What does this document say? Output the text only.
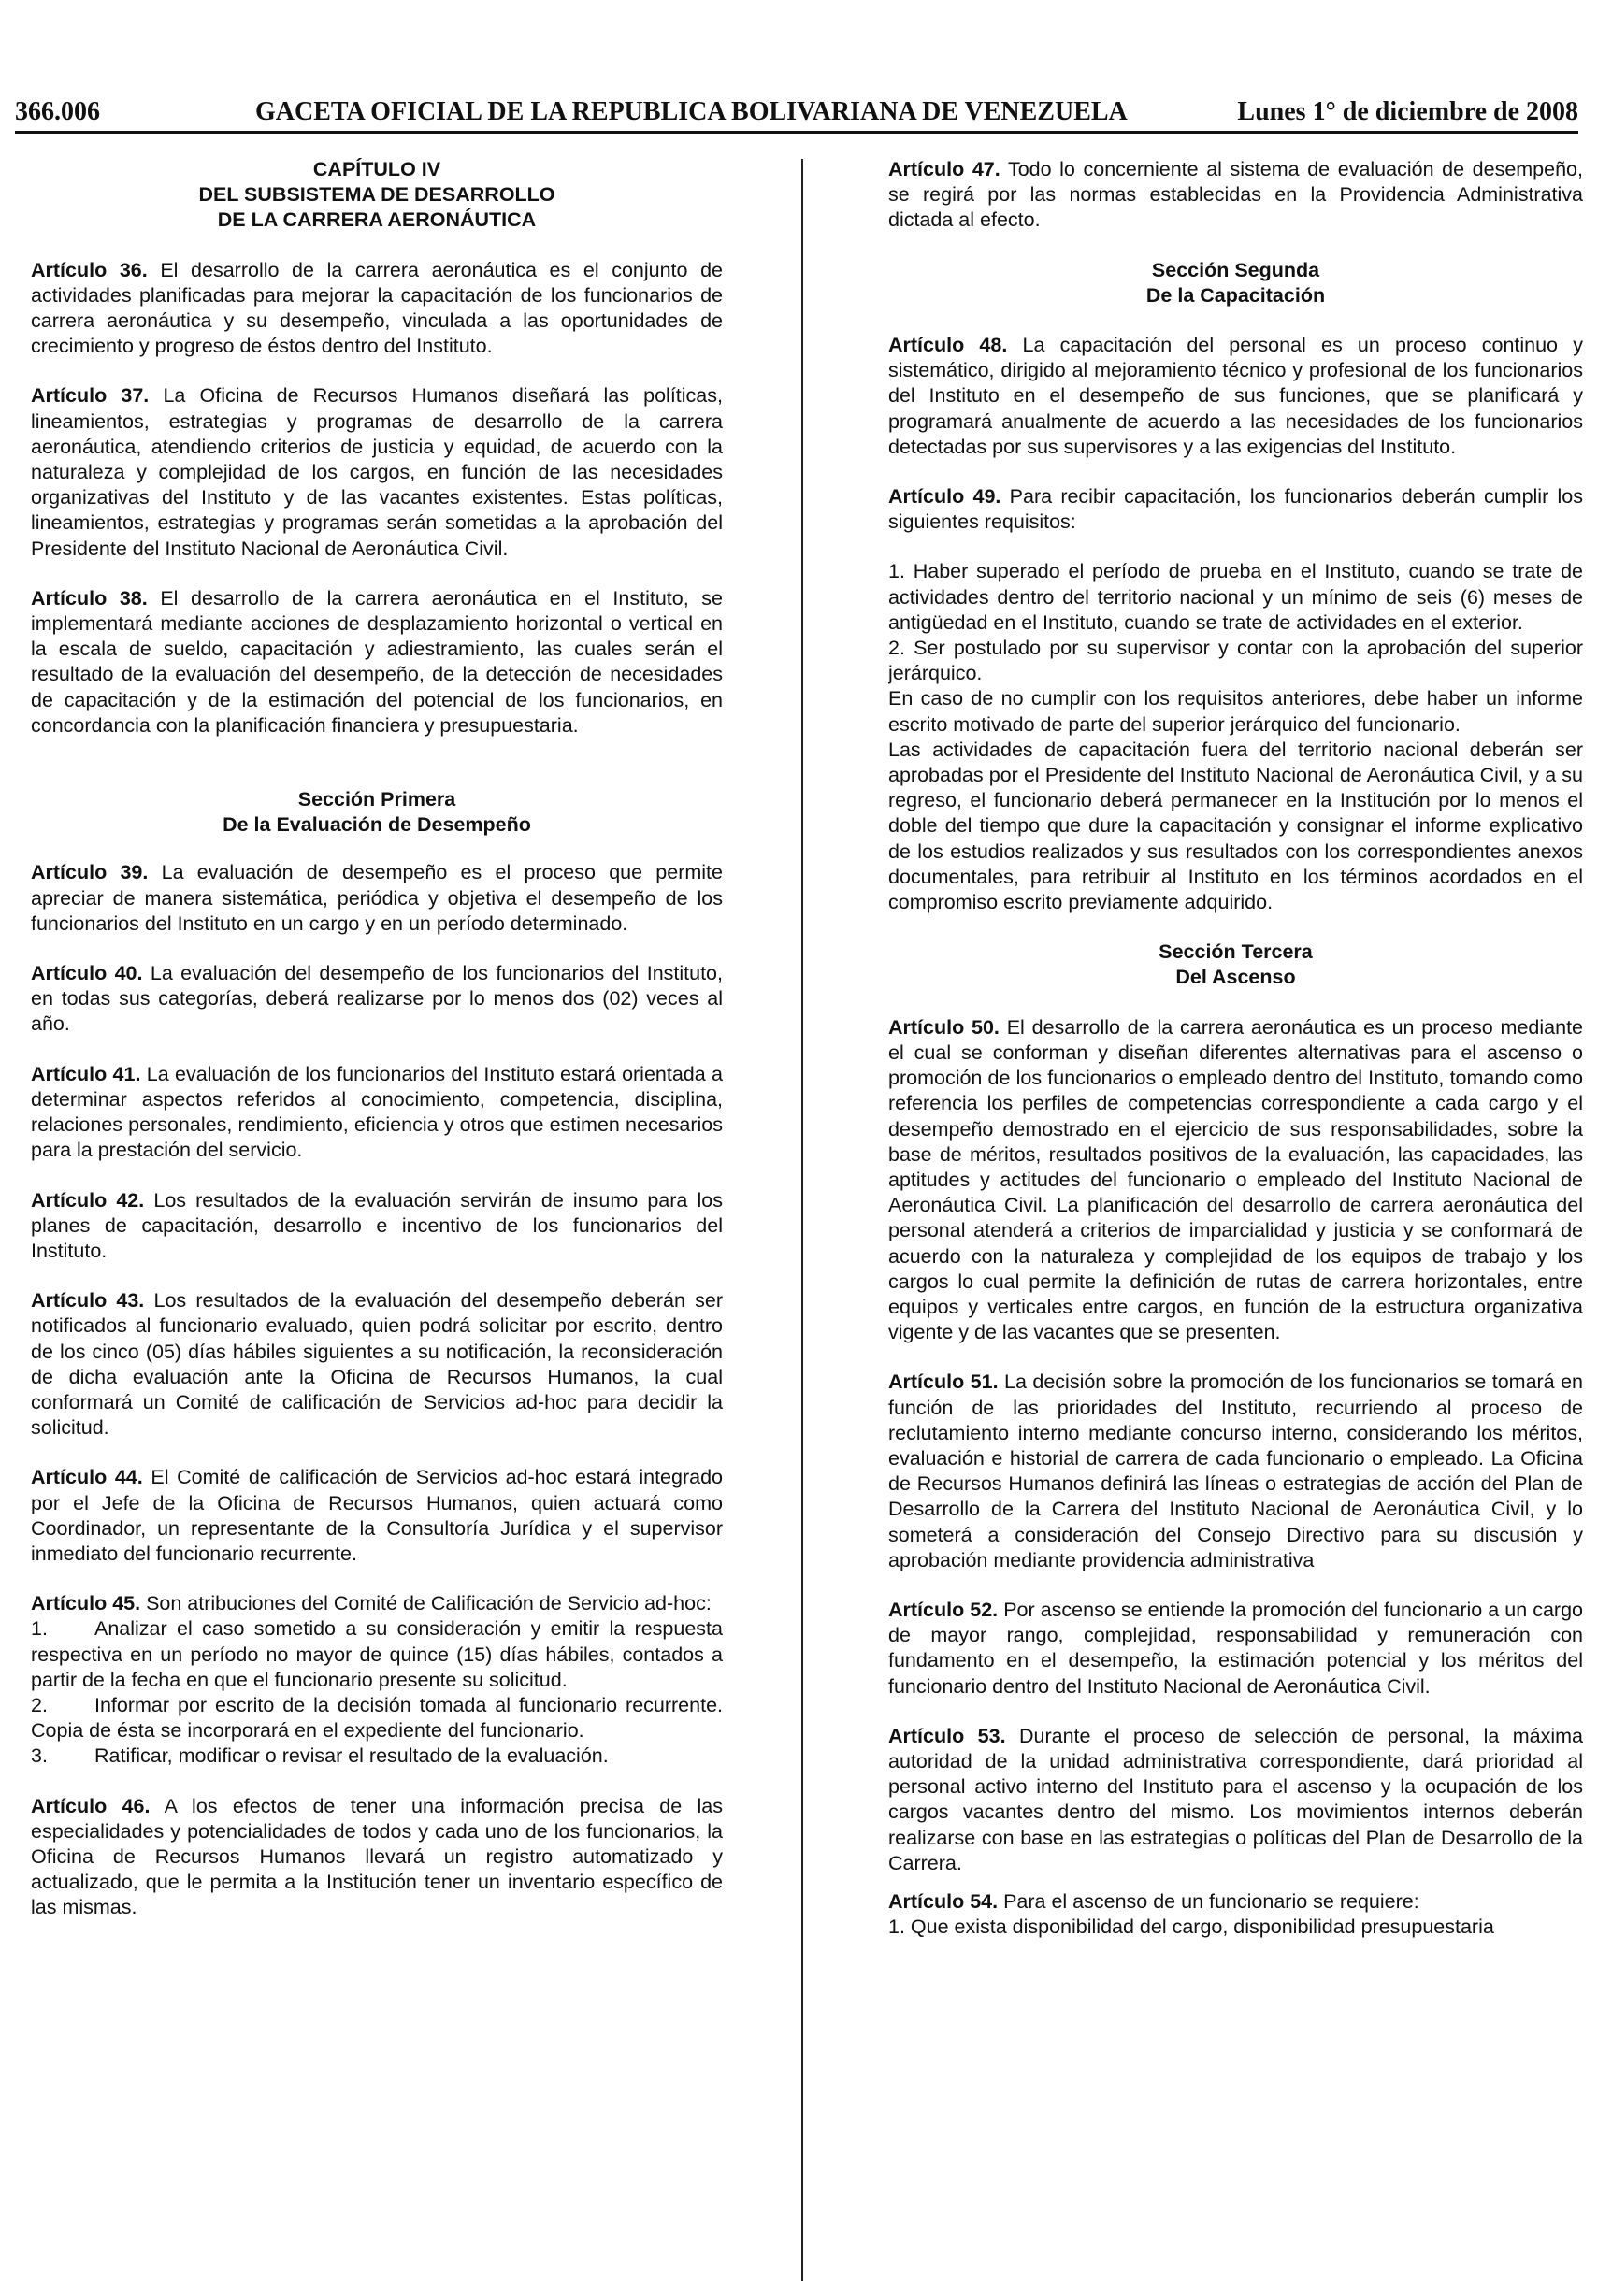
366.006	GACETA OFICIAL DE LA REPUBLICA BOLIVARIANA DE VENEZUELA	Lunes 1° de diciembre de 2008
CAPÍTULO IV
DEL SUBSISTEMA DE DESARROLLO
DE LA CARRERA AERONÁUTICA

Artículo 36. El desarrollo de la carrera aeronáutica es el conjunto de actividades planificadas para mejorar la capacitación de los funcionarios de carrera aeronáutica y su desempeño, vinculada a las oportunidades de crecimiento y progreso de éstos dentro del Instituto.

Artículo 37. La Oficina de Recursos Humanos diseñará las políticas, lineamientos, estrategias y programas de desarrollo de la carrera aeronáutica, atendiendo criterios de justicia y equidad, de acuerdo con la naturaleza y complejidad de los cargos, en función de las necesidades organizativas del Instituto y de las vacantes existentes. Estas políticas, lineamientos, estrategias y programas serán sometidas a la aprobación del Presidente del Instituto Nacional de Aeronáutica Civil.

Artículo 38. El desarrollo de la carrera aeronáutica en el Instituto, se implementará mediante acciones de desplazamiento horizontal o vertical en la escala de sueldo, capacitación y adiestramiento, las cuales serán el resultado de la evaluación del desempeño, de la detección de necesidades de capacitación y de la estimación del potencial de los funcionarios, en concordancia con la planificación financiera y presupuestaria.

Sección Primera
De la Evaluación de Desempeño

Artículo 39. La evaluación de desempeño es el proceso que permite apreciar de manera sistemática, periódica y objetiva el desempeño de los funcionarios del Instituto en un cargo y en un período determinado.

Artículo 40. La evaluación del desempeño de los funcionarios del Instituto, en todas sus categorías, deberá realizarse por lo menos dos (02) veces al año.

Artículo 41. La evaluación de los funcionarios del Instituto estará orientada a determinar aspectos referidos al conocimiento, competencia, disciplina, relaciones personales, rendimiento, eficiencia y otros que estimen necesarios para la prestación del servicio.

Artículo 42. Los resultados de la evaluación servirán de insumo para los planes de capacitación, desarrollo e incentivo de los funcionarios del Instituto.

Artículo 43. Los resultados de la evaluación del desempeño deberán ser notificados al funcionario evaluado, quien podrá solicitar por escrito, dentro de los cinco (05) días hábiles siguientes a su notificación, la reconsideración de dicha evaluación ante la Oficina de Recursos Humanos, la cual conformará un Comité de calificación de Servicios ad-hoc para decidir la solicitud.

Artículo 44. El Comité de calificación de Servicios ad-hoc estará integrado por el Jefe de la Oficina de Recursos Humanos, quien actuará como Coordinador, un representante de la Consultoría Jurídica y el supervisor inmediato del funcionario recurrente.

Artículo 45. Son atribuciones del Comité de Calificación de Servicio ad-hoc:

1. Analizar el caso sometido a su consideración y emitir la respuesta respectiva en un período no mayor de quince (15) días hábiles, contados a partir de la fecha en que el funcionario presente su solicitud.

2. Informar por escrito de la decisión tomada al funcionario recurrente. Copia de ésta se incorporará en el expediente del funcionario.

3. Ratificar, modificar o revisar el resultado de la evaluación.

Artículo 46. A los efectos de tener una información precisa de las especialidades y potencialidades de todos y cada uno de los funcionarios, la Oficina de Recursos Humanos llevará un registro automatizado y actualizado, que le permita a la Institución tener un inventario específico de las mismas.

Artículo 47. Todo lo concerniente al sistema de evaluación de desempeño, se regirá por las normas establecidas en la Providencia Administrativa dictada al efecto.

Sección Segunda
De la Capacitación

Artículo 48. La capacitación del personal es un proceso continuo y sistemático, dirigido al mejoramiento técnico y profesional de los funcionarios del Instituto en el desempeño de sus funciones, que se planificará y programará anualmente de acuerdo a las necesidades de los funcionarios detectadas por sus supervisores y a las exigencias del Instituto.

Artículo 49. Para recibir capacitación, los funcionarios deberán cumplir los siguientes requisitos:

1. Haber superado el período de prueba en el Instituto, cuando se trate de actividades dentro del territorio nacional y un mínimo de seis (6) meses de antigüedad en el Instituto, cuando se trate de actividades en el exterior.

2. Ser postulado por su supervisor y contar con la aprobación del superior jerárquico.

En caso de no cumplir con los requisitos anteriores, debe haber un informe escrito motivado de parte del superior jerárquico del funcionario.

Las actividades de capacitación fuera del territorio nacional deberán ser aprobadas por el Presidente del Instituto Nacional de Aeronáutica Civil, y a su regreso, el funcionario deberá permanecer en la Institución por lo menos el doble del tiempo que dure la capacitación y consignar el informe explicativo de los estudios realizados y sus resultados con los correspondientes anexos documentales, para retribuir al Instituto en los términos acordados en el compromiso escrito previamente adquirido.

Sección Tercera
Del Ascenso

Artículo 50. El desarrollo de la carrera aeronáutica es un proceso mediante el cual se conforman y diseñan diferentes alternativas para el ascenso o promoción de los funcionarios o empleado dentro del Instituto, tomando como referencia los perfiles de competencias correspondiente a cada cargo y el desempeño demostrado en el ejercicio de sus responsabilidades, sobre la base de méritos, resultados positivos de la evaluación, las capacidades, las aptitudes y actitudes del funcionario o empleado del Instituto Nacional de Aeronáutica Civil. La planificación del desarrollo de carrera aeronáutica del personal atenderá a criterios de imparcialidad y justicia y se conformará de acuerdo con la naturaleza y complejidad de los equipos de trabajo y los cargos lo cual permite la definición de rutas de carrera horizontales, entre equipos y verticales entre cargos, en función de la estructura organizativa vigente y de las vacantes que se presenten.

Artículo 51. La decisión sobre la promoción de los funcionarios se tomará en función de las prioridades del Instituto, recurriendo al proceso de reclutamiento interno mediante concurso interno, considerando los méritos, evaluación e historial de carrera de cada funcionario o empleado. La Oficina de Recursos Humanos definirá las líneas o estrategias de acción del Plan de Desarrollo de la Carrera del Instituto Nacional de Aeronáutica Civil, y lo someterá a consideración del Consejo Directivo para su discusión y aprobación mediante providencia administrativa

Artículo 52. Por ascenso se entiende la promoción del funcionario a un cargo de mayor rango, complejidad, responsabilidad y remuneración con fundamento en el desempeño, la estimación potencial y los méritos del funcionario dentro del Instituto Nacional de Aeronáutica Civil.

Artículo 53. Durante el proceso de selección de personal, la máxima autoridad de la unidad administrativa correspondiente, dará prioridad al personal activo interno del Instituto para el ascenso y la ocupación de los cargos vacantes dentro del mismo. Los movimientos internos deberán realizarse con base en las estrategias o políticas del Plan de Desarrollo de la Carrera.

Artículo 54. Para el ascenso de un funcionario se requiere:

1. Que exista disponibilidad del cargo, disponibilidad presupuestaria
